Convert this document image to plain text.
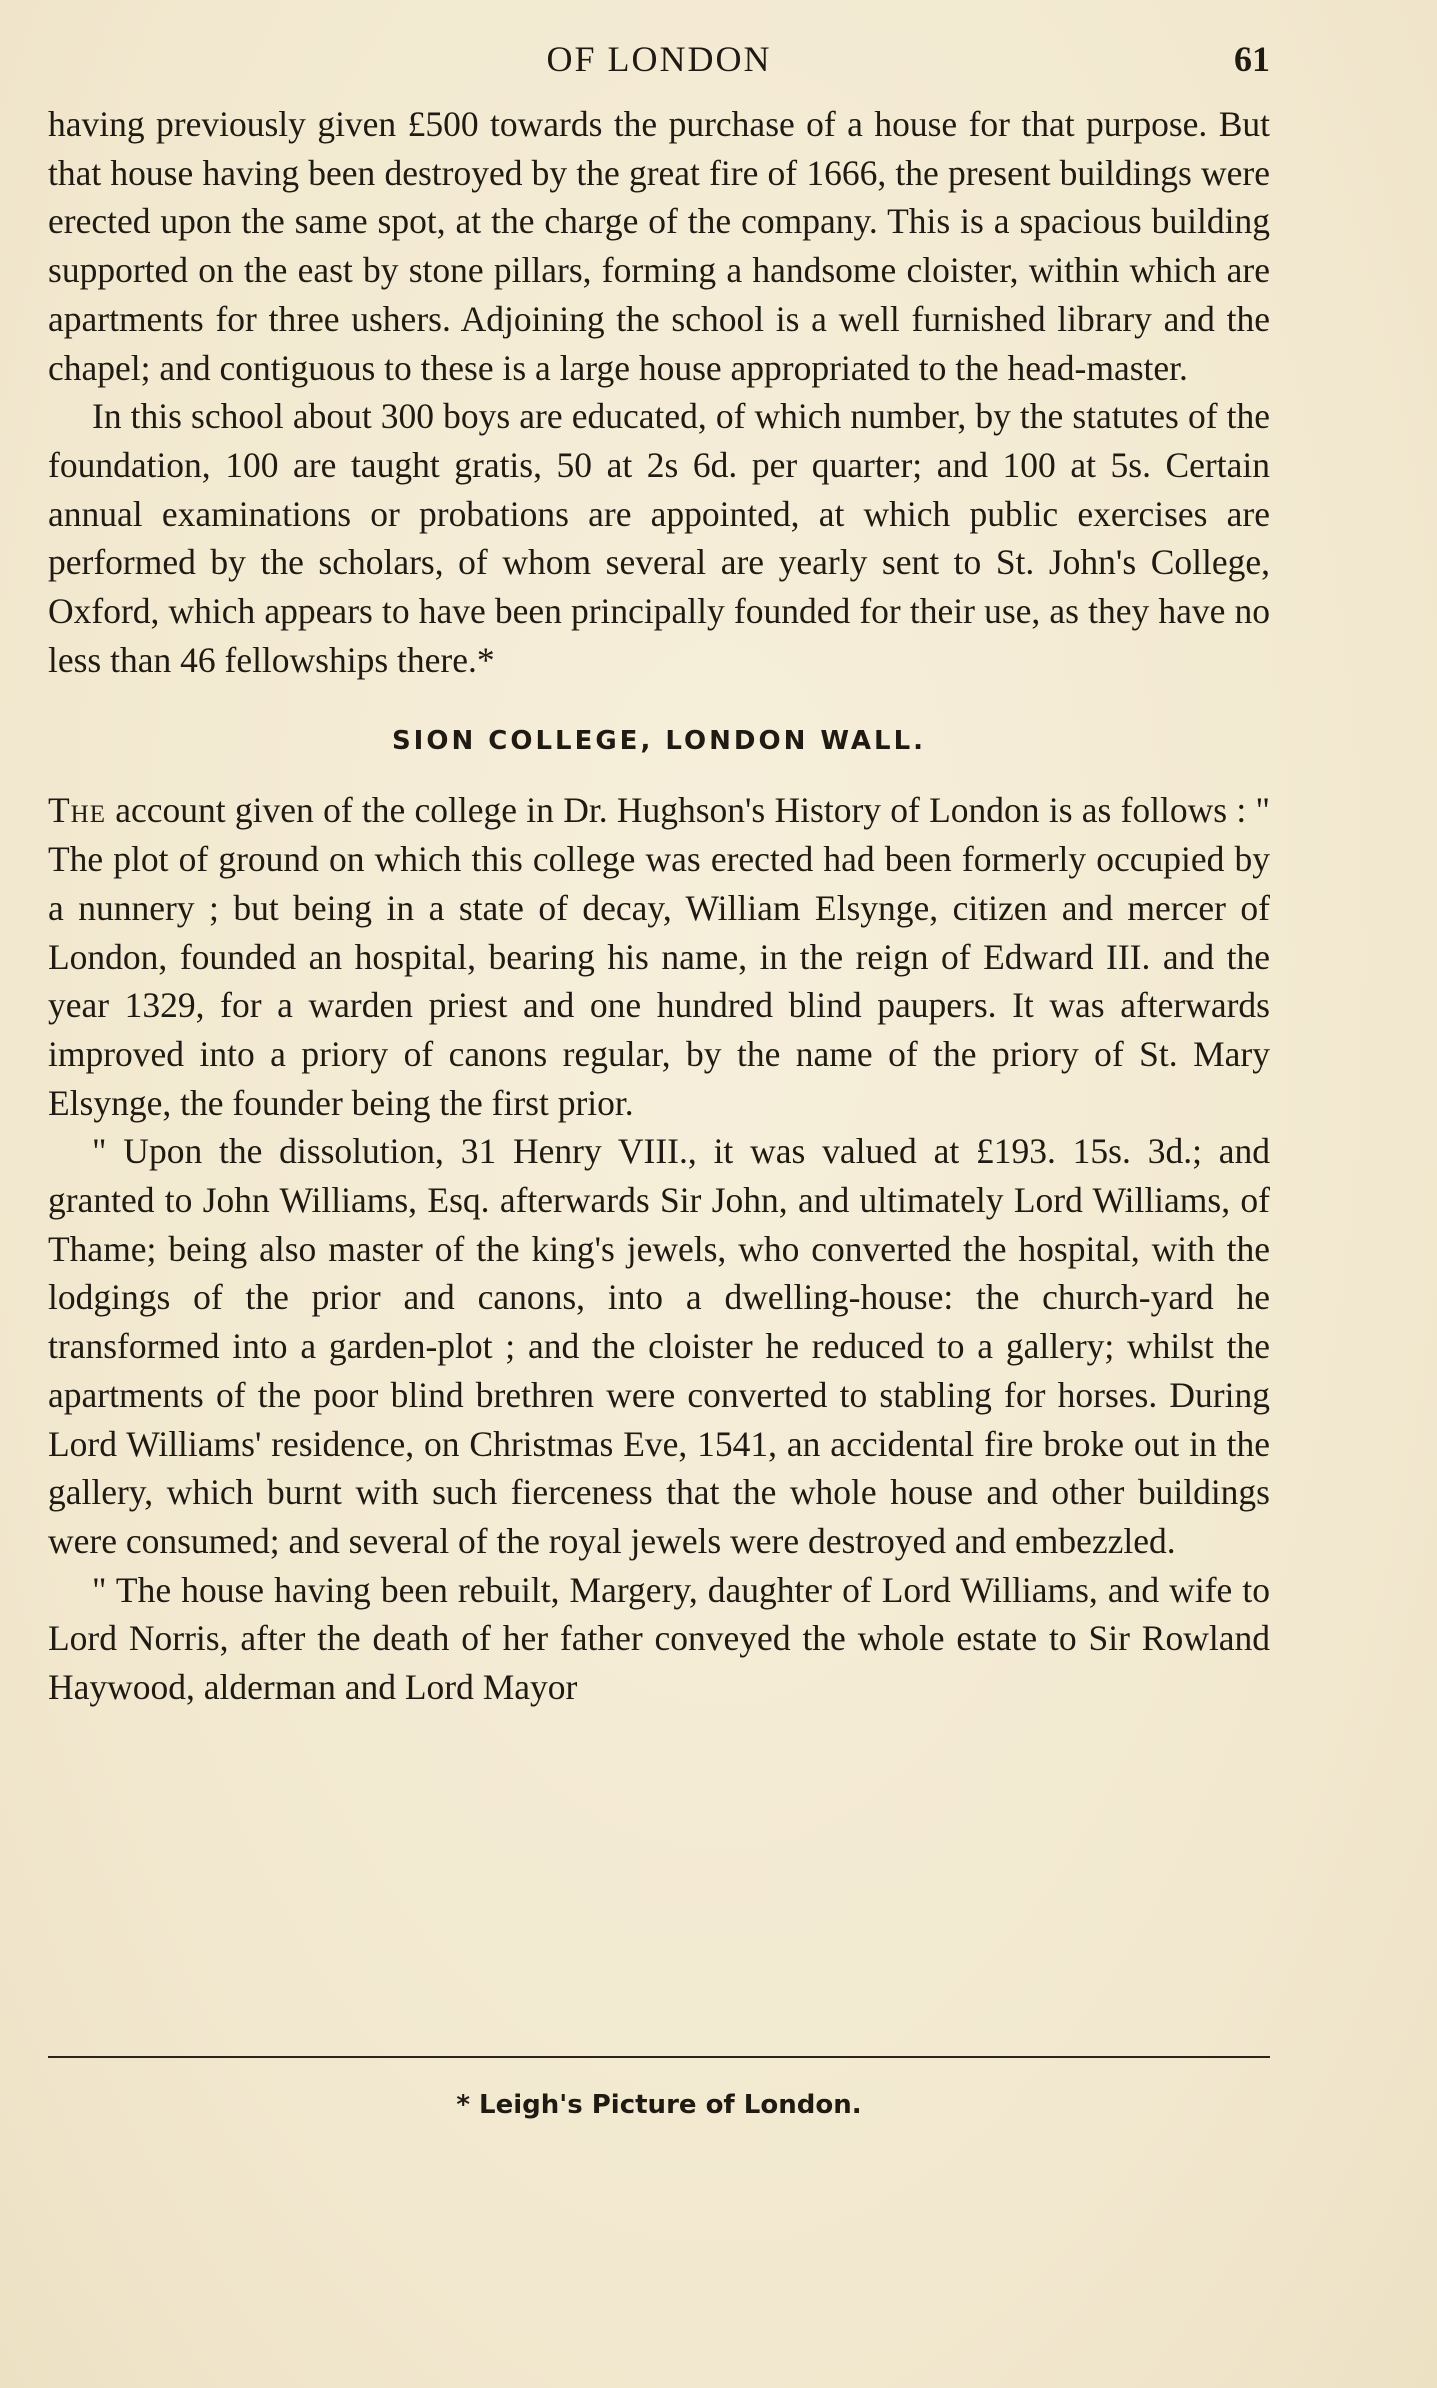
OF LONDON	61

having previously given £500 towards the purchase of a house for that purpose. But that house having been destroyed by the great fire of 1666, the present buildings were erected upon the same spot, at the charge of the company. This is a spacious building supported on the east by stone pillars, forming a handsome cloister, within which are apartments for three ushers. Adjoining the school is a well furnished library and the chapel; and contiguous to these is a large house appropriated to the head-master.

In this school about 300 boys are educated, of which number, by the statutes of the foundation, 100 are taught gratis, 50 at 2s 6d. per quarter; and 100 at 5s. Certain annual examinations or probations are appointed, at which public exercises are performed by the scholars, of whom several are yearly sent to St. John's College, Oxford, which appears to have been principally founded for their use, as they have no less than 46 fellowships there.*

SION COLLEGE, LONDON WALL.

The account given of the college in Dr. Hughson's History of London is as follows : " The plot of ground on which this college was erected had been formerly occupied by a nunnery ; but being in a state of decay, William Elsynge, citizen and mercer of London, founded an hospital, bearing his name, in the reign of Edward III. and the year 1329, for a warden priest and one hundred blind paupers. It was afterwards improved into a priory of canons regular, by the name of the priory of St. Mary Elsynge, the founder being the first prior.

" Upon the dissolution, 31 Henry VIII., it was valued at £193. 15s. 3d.; and granted to John Williams, Esq. afterwards Sir John, and ultimately Lord Williams, of Thame; being also master of the king's jewels, who converted the hospital, with the lodgings of the prior and canons, into a dwelling-house: the church-yard he transformed into a garden-plot ; and the cloister he reduced to a gallery; whilst the apartments of the poor blind brethren were converted to stabling for horses. During Lord Williams' residence, on Christmas Eve, 1541, an accidental fire broke out in the gallery, which burnt with such fierceness that the whole house and other buildings were consumed; and several of the royal jewels were destroyed and embezzled.

" The house having been rebuilt, Margery, daughter of Lord Williams, and wife to Lord Norris, after the death of her father conveyed the whole estate to Sir Rowland Haywood, alderman and Lord Mayor

* Leigh's Picture of London.
